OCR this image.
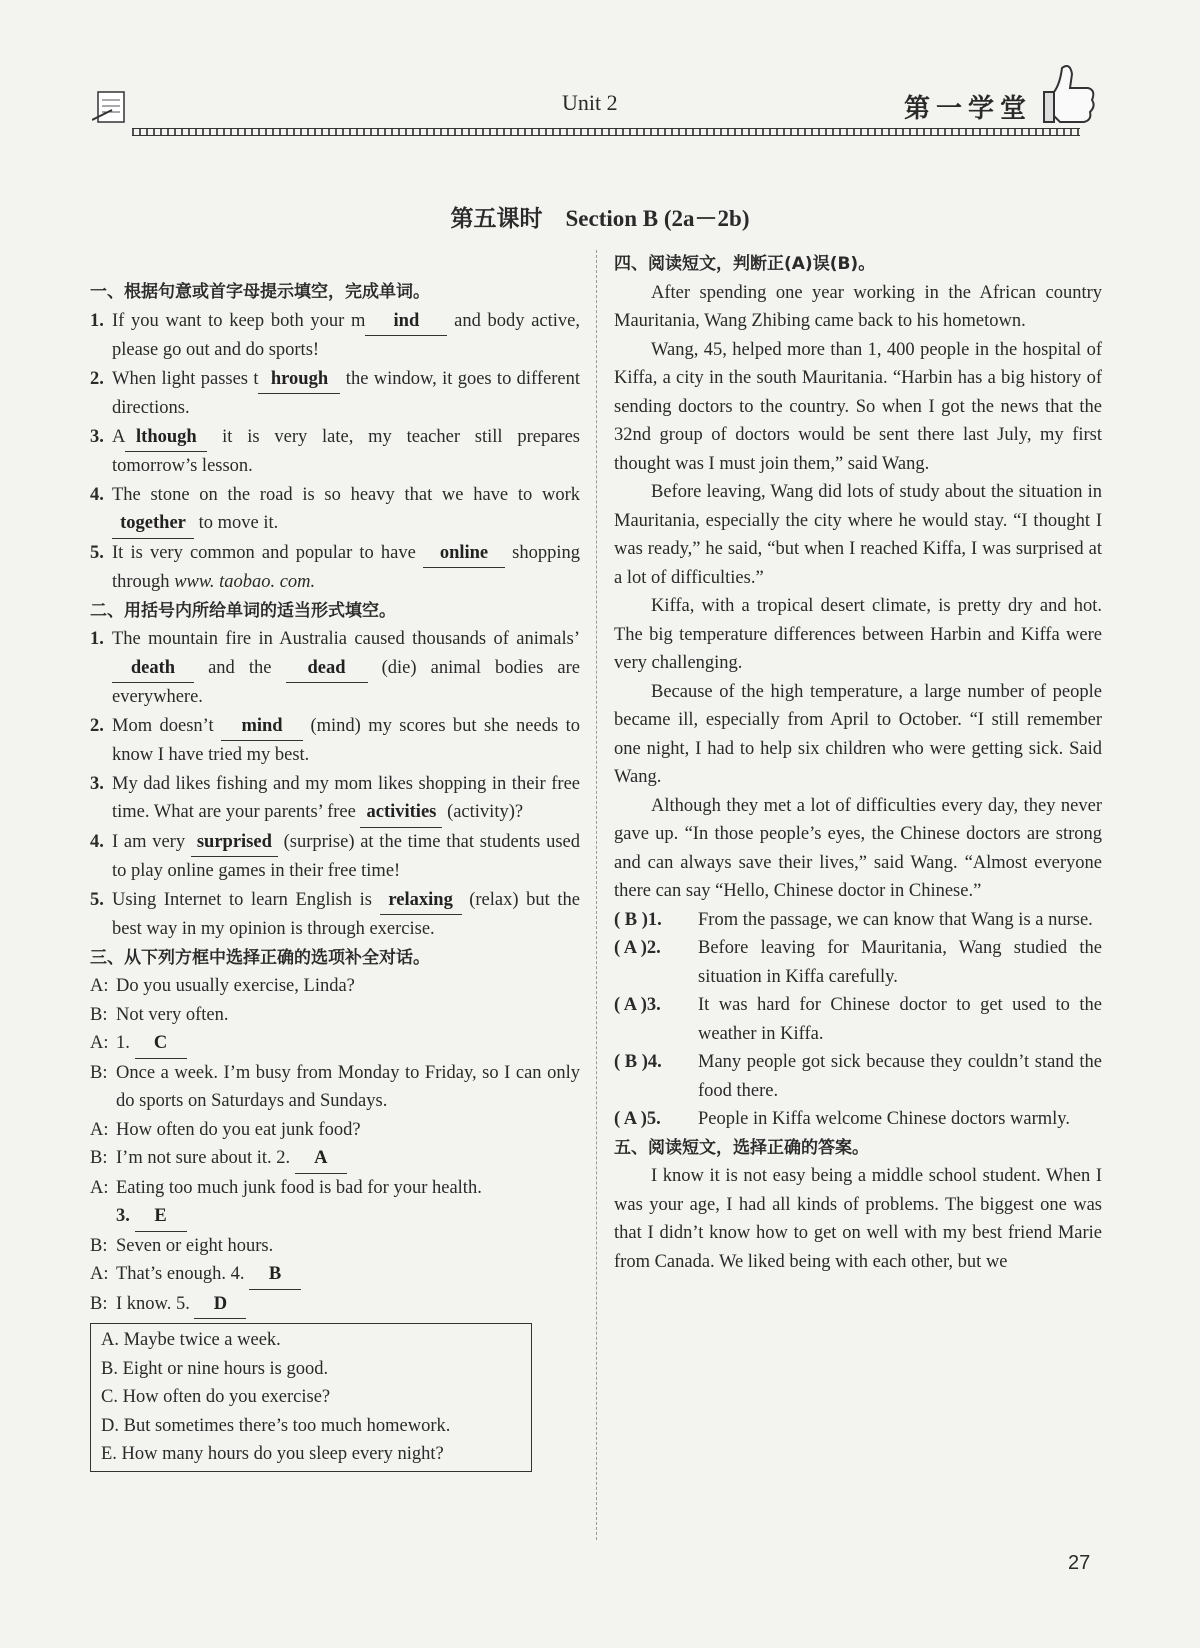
Unit 2	第一学堂
第五课时　Section B (2a－2b)
一、根据句意或首字母提示填空，完成单词。
1. If you want to keep both your m ind and body active, please go out and do sports!
2. When light passes t hrough the window, it goes to different directions.
3. A lthough it is very late, my teacher still prepares tomorrow’s lesson.
4. The stone on the road is so heavy that we have to work together to move it.
5. It is very common and popular to have online shopping through www. taobao. com.
二、用括号内所给单词的适当形式填空。
1. The mountain fire in Australia caused thousands of animals’ death and the dead (die) animal bodies are everywhere.
2. Mom doesn’t mind (mind) my scores but she needs to know I have tried my best.
3. My dad likes fishing and my mom likes shopping in their free time. What are your parents’ free activities (activity)?
4. I am very surprised (surprise) at the time that students used to play online games in their free time!
5. Using Internet to learn English is relaxing (relax) but the best way in my opinion is through exercise.
三、从下列方框中选择正确的选项补全对话。
A: Do you usually exercise, Linda?
B: Not very often.
A: 1. C
B: Once a week. I’m busy from Monday to Friday, so I can only do sports on Saturdays and Sundays.
A: How often do you eat junk food?
B: I’m not sure about it. 2. A
A: Eating too much junk food is bad for your health.
3. E
B: Seven or eight hours.
A: That’s enough. 4. B
B: I know. 5. D
A. Maybe twice a week.
B. Eight or nine hours is good.
C. How often do you exercise?
D. But sometimes there’s too much homework.
E. How many hours do you sleep every night?
四、阅读短文，判断正(A)误(B)。
After spending one year working in the African country Mauritania, Wang Zhibing came back to his hometown.
Wang, 45, helped more than 1, 400 people in the hospital of Kiffa, a city in the south Mauritania. “Harbin has a big history of sending doctors to the country. So when I got the news that the 32nd group of doctors would be sent there last July, my first thought was I must join them,” said Wang.
Before leaving, Wang did lots of study about the situation in Mauritania, especially the city where he would stay. “I thought I was ready,” he said, “but when I reached Kiffa, I was surprised at a lot of difficulties.”
Kiffa, with a tropical desert climate, is pretty dry and hot. The big temperature differences between Harbin and Kiffa were very challenging.
Because of the high temperature, a large number of people became ill, especially from April to October. “I still remember one night, I had to help six children who were getting sick. Said Wang.
Although they met a lot of difficulties every day, they never gave up. “In those people’s eyes, the Chinese doctors are strong and can always save their lives,” said Wang. “Almost everyone there can say “Hello, Chinese doctor in Chinese.”
( B )1.	From the passage, we can know that Wang is a nurse.
( A )2.	Before leaving for Mauritania, Wang studied the situation in Kiffa carefully.
( A )3.	It was hard for Chinese doctor to get used to the weather in Kiffa.
( B )4.	Many people got sick because they couldn’t stand the food there.
( A )5.	People in Kiffa welcome Chinese doctors warmly.
五、阅读短文，选择正确的答案。
I know it is not easy being a middle school student. When I was your age, I had all kinds of problems. The biggest one was that I didn’t know how to get on well with my best friend Marie from Canada. We liked being with each other, but we
27
